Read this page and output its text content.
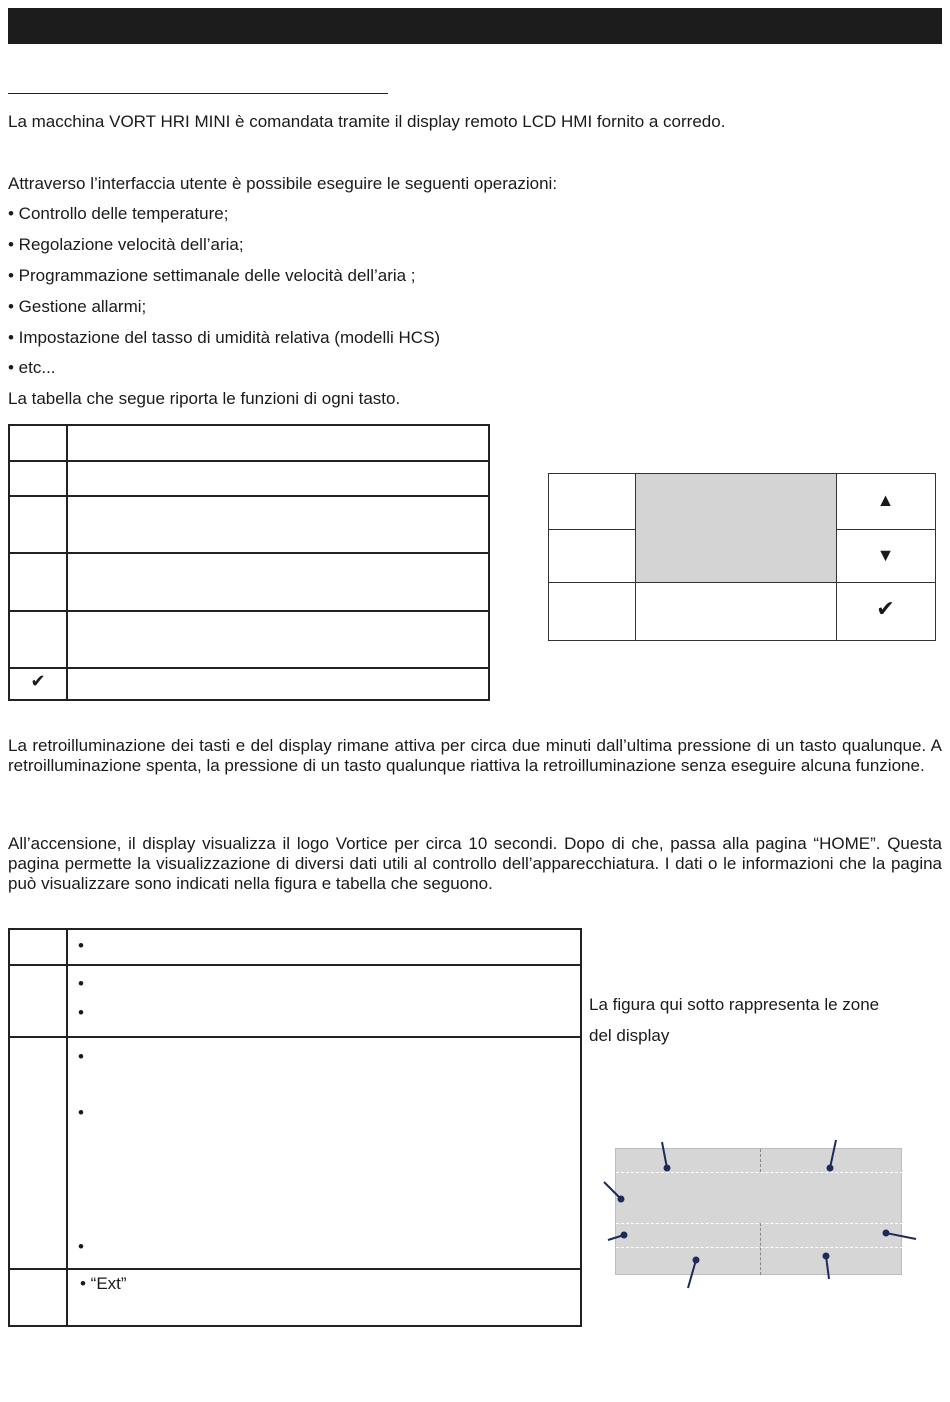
La macchina VORT HRI MINI è comandata tramite il display remoto LCD HMI fornito a corredo.
Attraverso l’interfaccia utente è possibile eseguire le seguenti operazioni:
• Controllo delle temperature;
• Regolazione velocità dell’aria;
• Programmazione settimanale delle velocità dell’aria ;
• Gestione allarmi;
• Impostazione del tasso di umidità relativa (modelli HCS)
• etc...
La tabella che segue riporta le funzioni di ogni tasto.
✔
▲
▼
✔
La retroilluminazione dei tasti e del display rimane attiva per circa due minuti dall’ultima pressione di un tasto qualunque. A retroilluminazione spenta, la pressione di un tasto qualunque riattiva la retroilluminazione senza eseguire alcuna funzione.
All’accensione, il display visualizza il logo Vortice per circa 10 secondi. Dopo di che, passa alla pagina “HOME”. Questa pagina permette la visualizzazione di diversi dati utili al controllo dell’apparecchiatura. I dati o le informazioni che la pagina può visualizzare sono indicati nella figura e tabella che seguono.
•
•
•
•
•
•
• “Ext”
La figura qui sotto rappresenta le zone
del display
